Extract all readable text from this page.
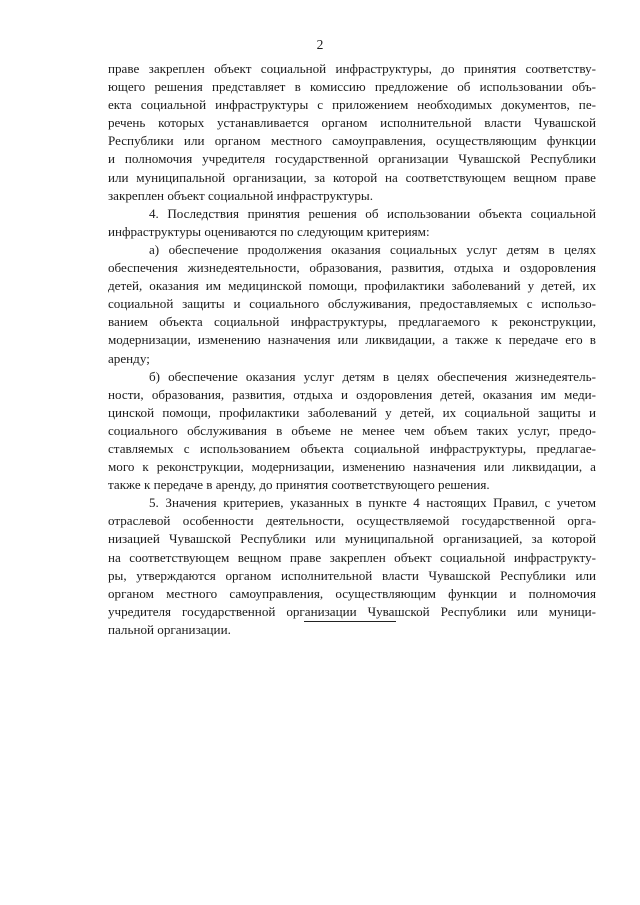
2

праве закреплен объект социальной инфраструктуры, до принятия соответству-
ющего решения представляет в комиссию предложение об использовании объ-
екта социальной инфраструктуры с приложением необходимых документов, пе-
речень которых устанавливается органом исполнительной власти Чувашской
Республики или органом местного самоуправления, осуществляющим функции
и полномочия учредителя государственной организации Чувашской Республики
или муниципальной организации, за которой на соответствующем вещном праве
закреплен объект социальной инфраструктуры.

4. Последствия принятия решения об использовании объекта социальной
инфраструктуры оцениваются по следующим критериям:

а) обеспечение продолжения оказания социальных услуг детям в целях
обеспечения жизнедеятельности, образования, развития, отдыха и оздоровления
детей, оказания им медицинской помощи, профилактики заболеваний у детей, их
социальной защиты и социального обслуживания, предоставляемых с использо-
ванием объекта социальной инфраструктуры, предлагаемого к реконструкции,
модернизации, изменению назначения или ликвидации, а также к передаче его в
аренду;

б) обеспечение оказания услуг детям в целях обеспечения жизнедеятель-
ности, образования, развития, отдыха и оздоровления детей, оказания им меди-
цинской помощи, профилактики заболеваний у детей, их социальной защиты и
социального обслуживания в объеме не менее чем объем таких услуг, предо-
ставляемых с использованием объекта социальной инфраструктуры, предлагае-
мого к реконструкции, модернизации, изменению назначения или ликвидации, а
также к передаче в аренду, до принятия соответствующего решения.

5. Значения критериев, указанных в пункте 4 настоящих Правил, с учетом
отраслевой особенности деятельности, осуществляемой государственной орга-
низацией Чувашской Республики или муниципальной организацией, за которой
на соответствующем вещном праве закреплен объект социальной инфраструкту-
ры, утверждаются органом исполнительной власти Чувашской Республики или
органом местного самоуправления, осуществляющим функции и полномочия
учредителя государственной организации Чувашской Республики или муници-
пальной организации.
